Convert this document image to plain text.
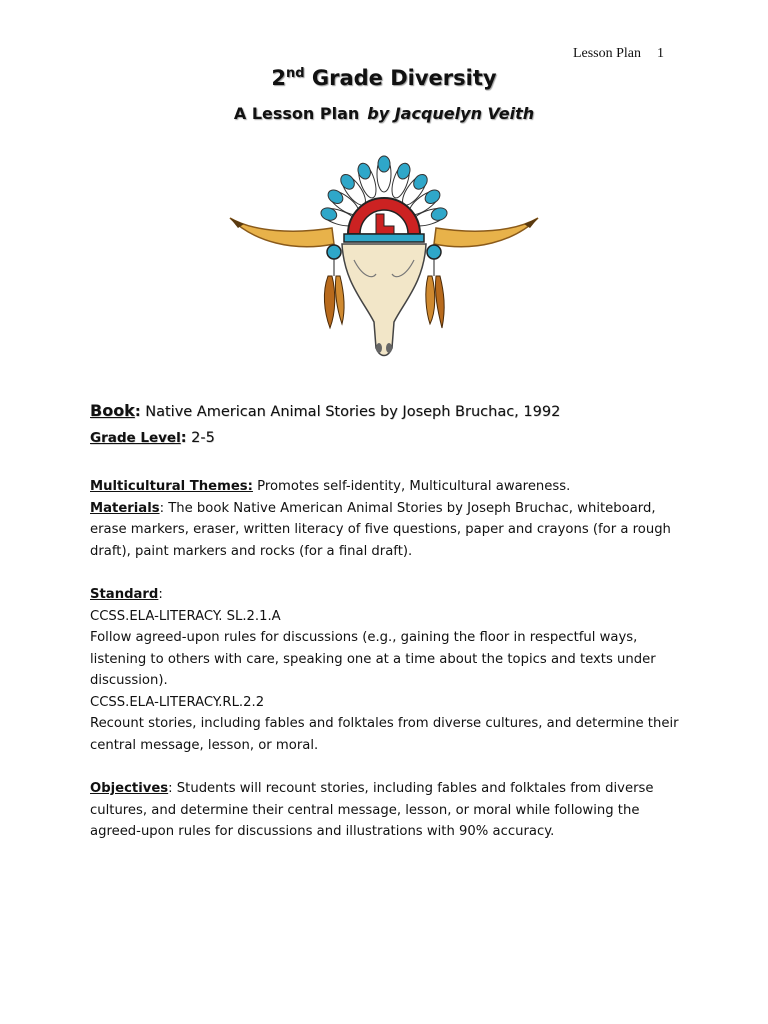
Lesson Plan 1
2nd Grade Diversity
A Lesson Plan by Jacquelyn Veith
Book: Native American Animal Stories by Joseph Bruchac, 1992
Grade Level: 2-5

Multicultural Themes: Promotes self-identity, Multicultural awareness.

Materials: The book Native American Animal Stories by Joseph Bruchac, whiteboard, erase markers, eraser, written literacy of five questions, paper and crayons (for a rough draft), paint markers and rocks (for a final draft).

Standard:

CCSS.ELA-LITERACY. SL.2.1.A

Follow agreed-upon rules for discussions (e.g., gaining the floor in respectful ways, listening to others with care, speaking one at a time about the topics and texts under discussion).

CCSS.ELA-LITERACY.RL.2.2

Recount stories, including fables and folktales from diverse cultures, and determine their central message, lesson, or moral.

Objectives: Students will recount stories, including fables and folktales from diverse cultures, and determine their central message, lesson, or moral while following the agreed-upon rules for discussions and illustrations with 90% accuracy.
